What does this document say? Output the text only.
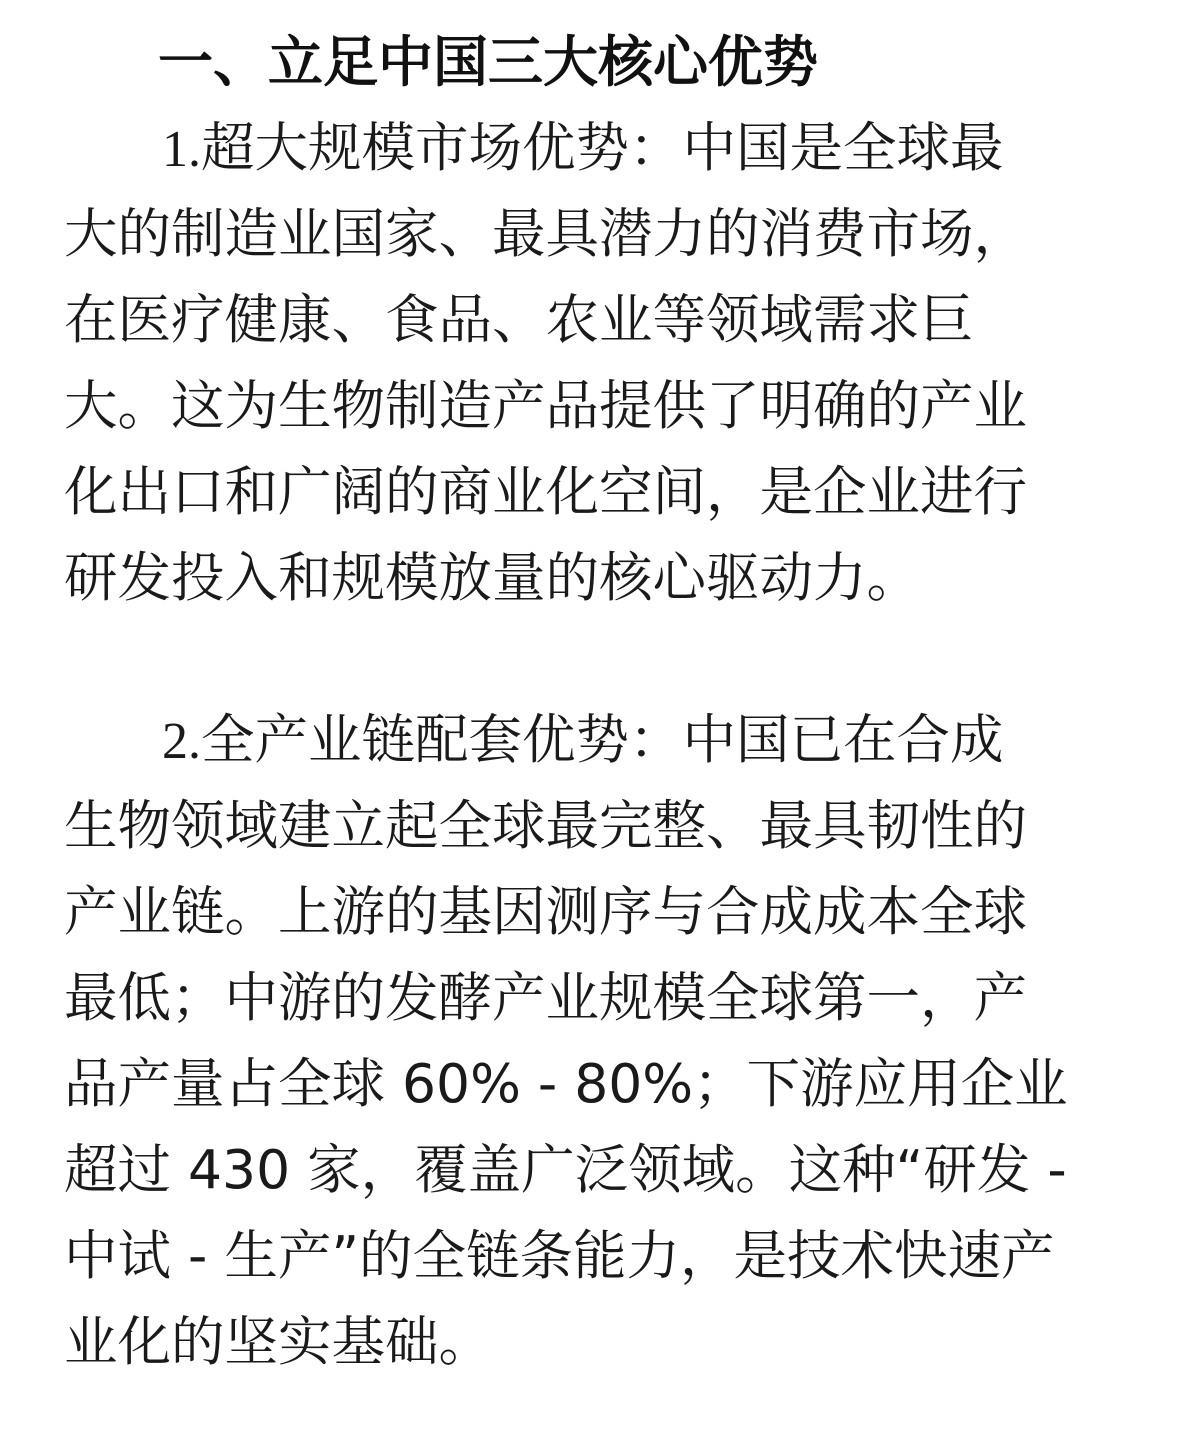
一、立足中国三大核心优势

1.超大规模市场优势：中国是全球最

大的制造业国家、最具潜力的消费市场，

在医疗健康、食品、农业等领域需求巨

大。这为生物制造产品提供了明确的产业

化出口和广阔的商业化空间，是企业进行

研发投入和规模放量的核心驱动力。

2.全产业链配套优势：中国已在合成

生物领域建立起全球最完整、最具韧性的

产业链。上游的基因测序与合成成本全球

最低；中游的发酵产业规模全球第一，产

品产量占全球 60% - 80%；下游应用企业

超过 430 家，覆盖广泛领域。这种“研发 -

中试 - 生产”的全链条能力，是技术快速产

业化的坚实基础。
